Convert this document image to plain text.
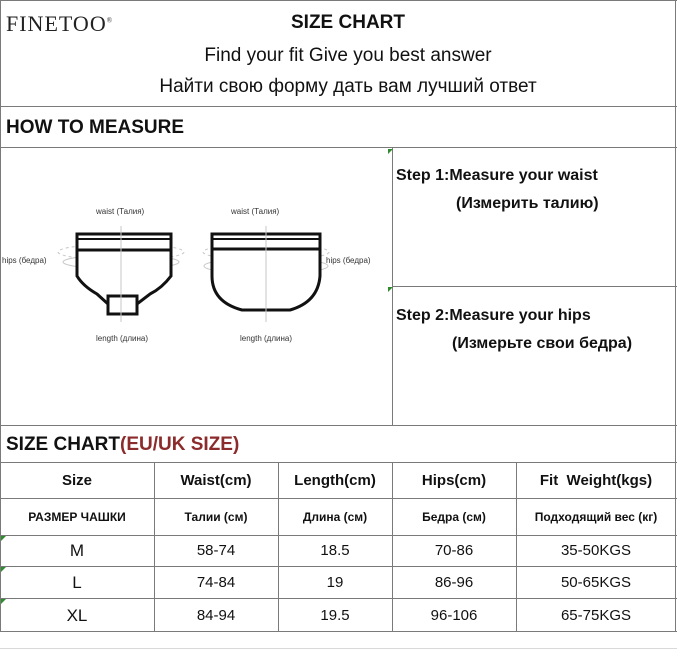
FINETOO®	SIZE CHART
Find your fit Give you best answer
Найти свою форму дать вам лучший ответ
HOW TO MEASURE
waist (Талия)
hips (бедра)
length (длина)
waist (Талия)
hips (бедра)
length (длина)
Step 1:Measure your waist
(Измерить талию)
Step 2:Measure your hips
(Измерьте свои бедра)
SIZE CHART(EU/UK SIZE)
Size	Waist(cm)	Length(cm)	Hips(cm)	Fit  Weight(kgs)
РАЗМЕР ЧАШКИ	Талии (см)	Длина (см)	Бедра (см)	Подходящий вес (кг)
M	58-74	18.5	70-86	35-50KGS
L	74-84	19	86-96	50-65KGS
XL	84-94	19.5	96-106	65-75KGS
